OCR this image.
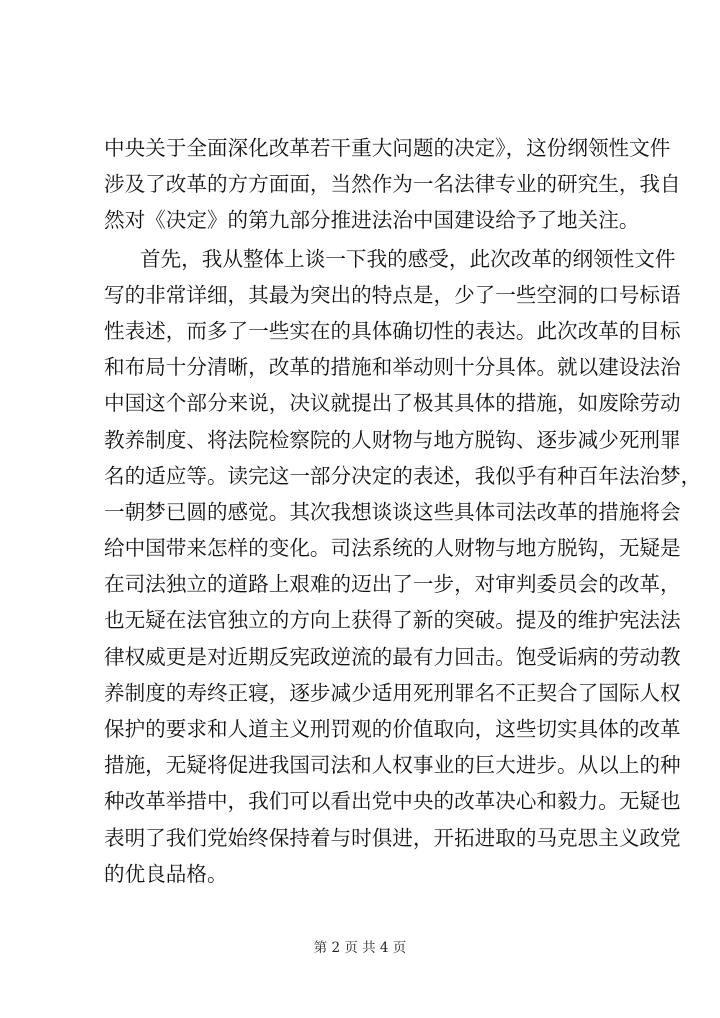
中央关于全面深化改革若干重大问题的决定》，这份纲领性文件
涉及了改革的方方面面，当然作为一名法律专业的研究生，我自
然对《决定》的第九部分推进法治中国建设给予了地关注。
首先，我从整体上谈一下我的感受，此次改革的纲领性文件
写的非常详细，其最为突出的特点是，少了一些空洞的口号标语
性表述，而多了一些实在的具体确切性的表达。此次改革的目标
和布局十分清晰，改革的措施和举动则十分具体。就以建设法治
中国这个部分来说，决议就提出了极其具体的措施，如废除劳动
教养制度、将法院检察院的人财物与地方脱钩、逐步减少死刑罪
名的适应等。读完这一部分决定的表述，我似乎有种百年法治梦，
一朝梦已圆的感觉。其次我想谈谈这些具体司法改革的措施将会
给中国带来怎样的变化。司法系统的人财物与地方脱钩，无疑是
在司法独立的道路上艰难的迈出了一步，对审判委员会的改革，
也无疑在法官独立的方向上获得了新的突破。提及的维护宪法法
律权威更是对近期反宪政逆流的最有力回击。饱受诟病的劳动教
养制度的寿终正寝，逐步减少适用死刑罪名不正契合了国际人权
保护的要求和人道主义刑罚观的价值取向，这些切实具体的改革
措施，无疑将促进我国司法和人权事业的巨大进步。从以上的种
种改革举措中，我们可以看出党中央的改革决心和毅力。无疑也
表明了我们党始终保持着与时俱进，开拓进取的马克思主义政党
的优良品格。
第 2 页 共 4 页
